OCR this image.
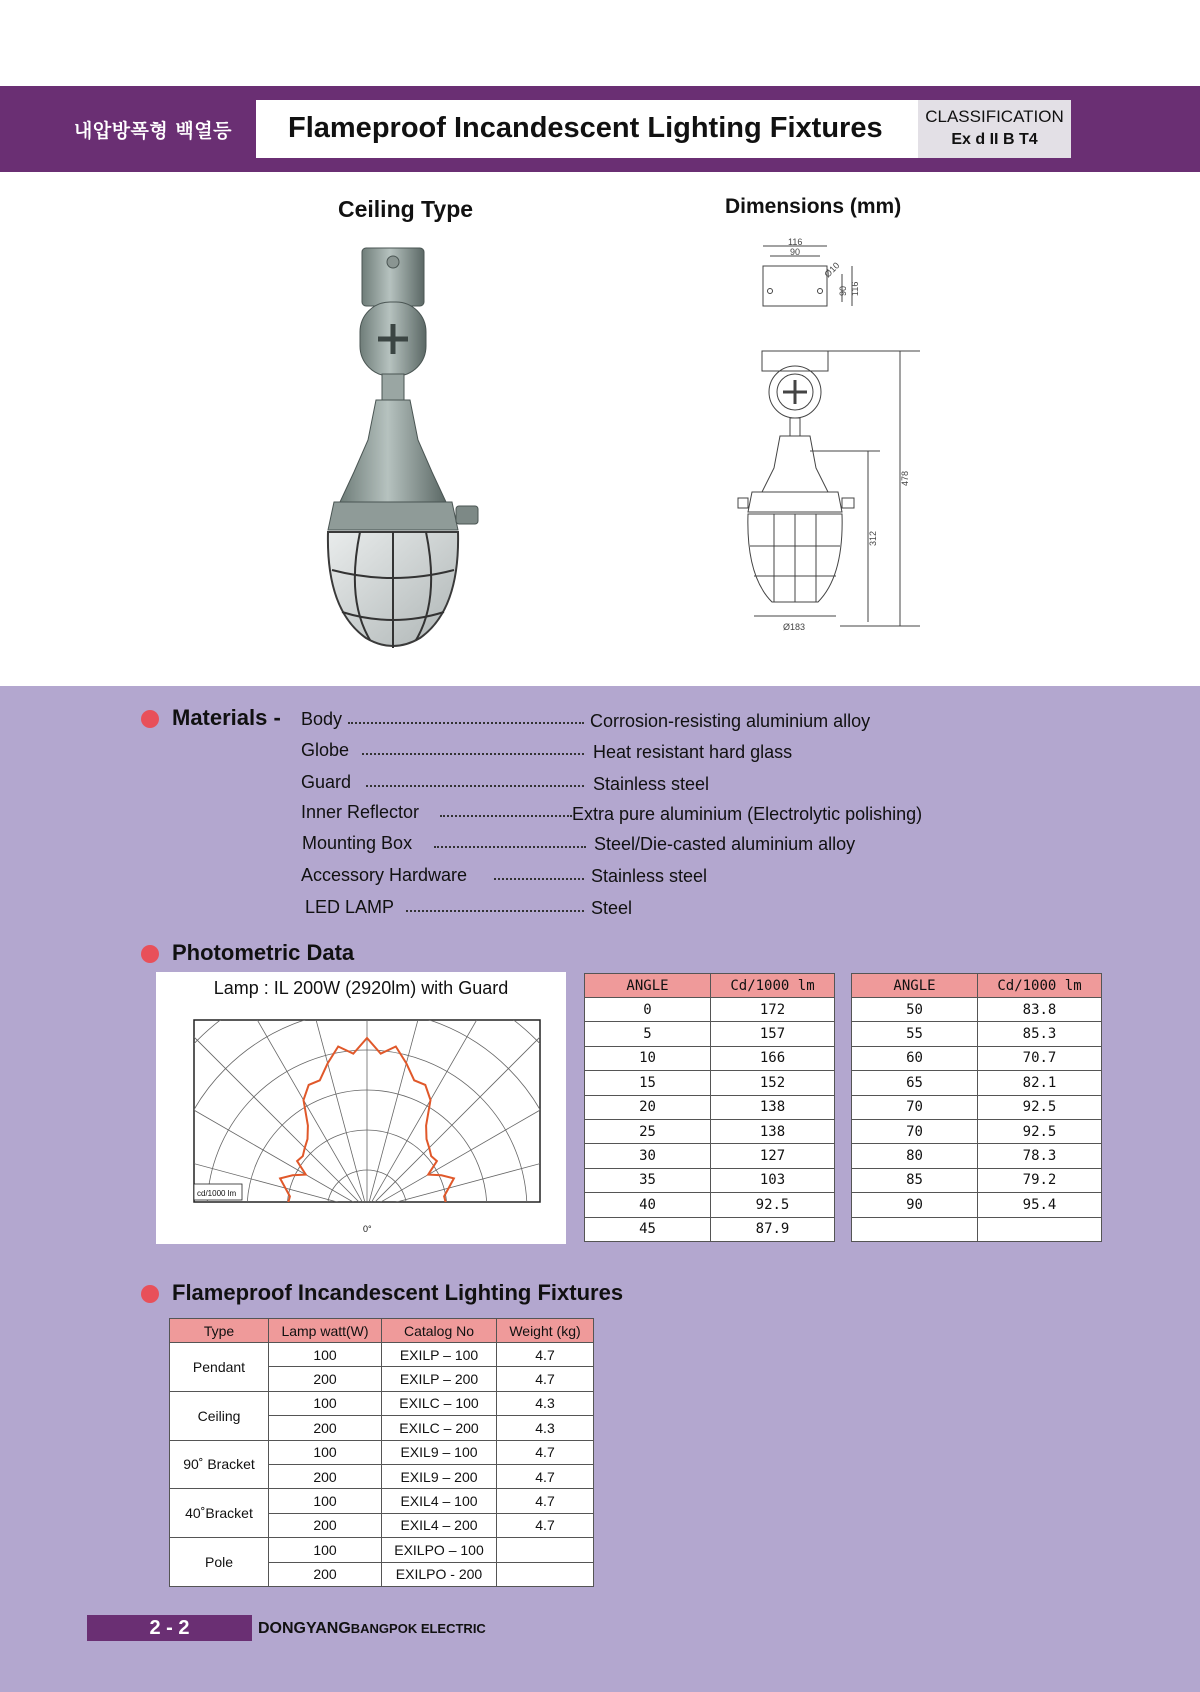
내압방폭형 백열등 Flameproof Incandescent Lighting Fixtures	CLASSIFICATION
Ex d II B T4
Ceiling Type	Dimensions (mm)
116
90
Ø10
90 116
Ø183
478
312
Materials - Body	Corrosion-resisting aluminium alloy
Globe	Heat resistant hard glass
Guard	Stainless steel
Inner Reflector	Extra pure aluminium (Electrolytic polishing)
Mounting Box	Steel/Die-casted aluminium alloy
Accessory Hardware	Stainless steel
LED LAMP	Steel
Photometric Data
Lamp : IL 200W (2920lm) with Guard
cd/1000 lm
0°
ANGLE	Cd/1000 lm
0	172
5	157
10	166
15	152
20	138
25	138
30	127
35	103
40	92.5
45	87.9
ANGLE	Cd/1000 lm
50	83.8
55	85.3
60	70.7
65	82.1
70	92.5
70	92.5
80	78.3
85	79.2
90	95.4

Flameproof Incandescent Lighting Fixtures
Type	Lamp watt(W)	Catalog No	Weight (kg)
Pendant	100	EXILP – 100	4.7
	200	EXILP – 200	4.7
Ceiling	100	EXILC – 100	4.3
	200	EXILC – 200	4.3
90˚ Bracket	100	EXIL9 – 100	4.7
	200	EXIL9 – 200	4.7
40˚Bracket	100	EXIL4 – 100	4.7
	200	EXIL4 – 200	4.7
Pole	100	EXILPO – 100	
	200	EXILPO - 200	
2 - 2	DONGYANGBANGPOK ELECTRIC
